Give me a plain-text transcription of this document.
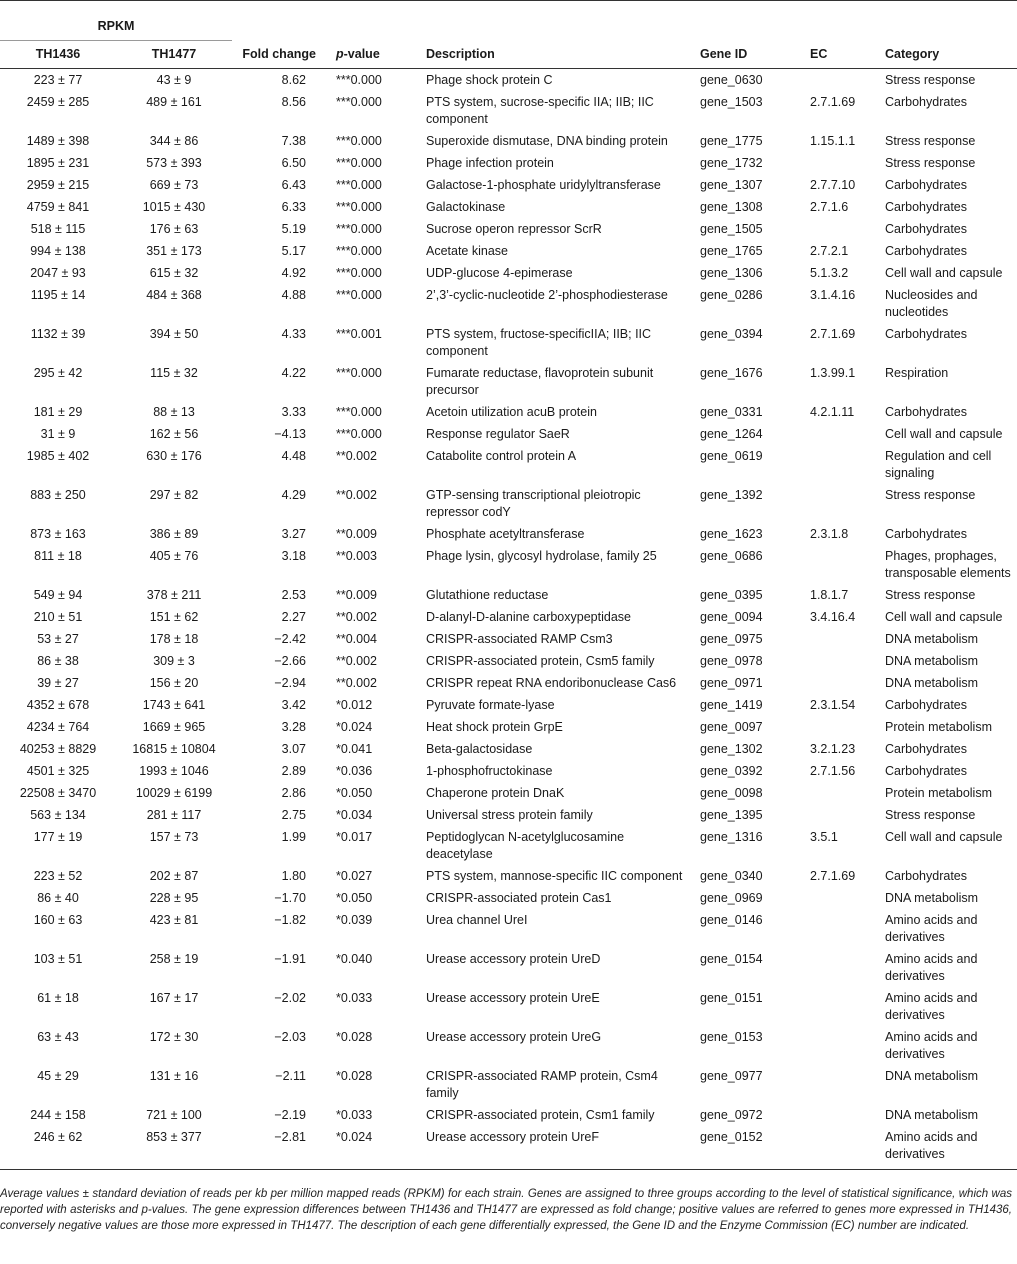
RPKM							
TH1436	TH1477	Fold change	p-value	Description	Gene ID	EC	Category
223 ± 77	43 ± 9	8.62	***0.000	Phage shock protein C	gene_0630		Stress response
2459 ± 285	489 ± 161	8.56	***0.000	PTS system, sucrose-specific IIA; IIB; IIC component	gene_1503	2.7.1.69	Carbohydrates
1489 ± 398	344 ± 86	7.38	***0.000	Superoxide dismutase, DNA binding protein	gene_1775	1.15.1.1	Stress response
1895 ± 231	573 ± 393	6.50	***0.000	Phage infection protein	gene_1732		Stress response
2959 ± 215	669 ± 73	6.43	***0.000	Galactose-1-phosphate uridylyltransferase	gene_1307	2.7.7.10	Carbohydrates
4759 ± 841	1015 ± 430	6.33	***0.000	Galactokinase	gene_1308	2.7.1.6	Carbohydrates
518 ± 115	176 ± 63	5.19	***0.000	Sucrose operon repressor ScrR	gene_1505		Carbohydrates
994 ± 138	351 ± 173	5.17	***0.000	Acetate kinase	gene_1765	2.7.2.1	Carbohydrates
2047 ± 93	615 ± 32	4.92	***0.000	UDP-glucose 4-epimerase	gene_1306	5.1.3.2	Cell wall and capsule
1195 ± 14	484 ± 368	4.88	***0.000	2’,3’-cyclic-nucleotide 2’-phosphodiesterase	gene_0286	3.1.4.16	Nucleosides and nucleotides
1132 ± 39	394 ± 50	4.33	***0.001	PTS system, fructose-specificIIA; IIB; IIC component	gene_0394	2.7.1.69	Carbohydrates
295 ± 42	115 ± 32	4.22	***0.000	Fumarate reductase, flavoprotein subunit precursor	gene_1676	1.3.99.1	Respiration
181 ± 29	88 ± 13	3.33	***0.000	Acetoin utilization acuB protein	gene_0331	4.2.1.11	Carbohydrates
31 ± 9	162 ± 56	−4.13	***0.000	Response regulator SaeR	gene_1264		Cell wall and capsule
1985 ± 402	630 ± 176	4.48	**0.002	Catabolite control protein A	gene_0619		Regulation and cell signaling
883 ± 250	297 ± 82	4.29	**0.002	GTP-sensing transcriptional pleiotropic repressor codY	gene_1392		Stress response
873 ± 163	386 ± 89	3.27	**0.009	Phosphate acetyltransferase	gene_1623	2.3.1.8	Carbohydrates
811 ± 18	405 ± 76	3.18	**0.003	Phage lysin, glycosyl hydrolase, family 25	gene_0686		Phages, prophages, transposable elements
549 ± 94	378 ± 211	2.53	**0.009	Glutathione reductase	gene_0395	1.8.1.7	Stress response
210 ± 51	151 ± 62	2.27	**0.002	D-alanyl-D-alanine carboxypeptidase	gene_0094	3.4.16.4	Cell wall and capsule
53 ± 27	178 ± 18	−2.42	**0.004	CRISPR-associated RAMP Csm3	gene_0975		DNA metabolism
86 ± 38	309 ± 3	−2.66	**0.002	CRISPR-associated protein, Csm5 family	gene_0978		DNA metabolism
39 ± 27	156 ± 20	−2.94	**0.002	CRISPR repeat RNA endoribonuclease Cas6	gene_0971		DNA metabolism
4352 ± 678	1743 ± 641	3.42	*0.012	Pyruvate formate-lyase	gene_1419	2.3.1.54	Carbohydrates
4234 ± 764	1669 ± 965	3.28	*0.024	Heat shock protein GrpE	gene_0097		Protein metabolism
40253 ± 8829	16815 ± 10804	3.07	*0.041	Beta-galactosidase	gene_1302	3.2.1.23	Carbohydrates
4501 ± 325	1993 ± 1046	2.89	*0.036	1-phosphofructokinase	gene_0392	2.7.1.56	Carbohydrates
22508 ± 3470	10029 ± 6199	2.86	*0.050	Chaperone protein DnaK	gene_0098		Protein metabolism
563 ± 134	281 ± 117	2.75	*0.034	Universal stress protein family	gene_1395		Stress response
177 ± 19	157 ± 73	1.99	*0.017	Peptidoglycan N-acetylglucosamine deacetylase	gene_1316	3.5.1	Cell wall and capsule
223 ± 52	202 ± 87	1.80	*0.027	PTS system, mannose-specific IIC component	gene_0340	2.7.1.69	Carbohydrates
86 ± 40	228 ± 95	−1.70	*0.050	CRISPR-associated protein Cas1	gene_0969		DNA metabolism
160 ± 63	423 ± 81	−1.82	*0.039	Urea channel UreI	gene_0146		Amino acids and derivatives
103 ± 51	258 ± 19	−1.91	*0.040	Urease accessory protein UreD	gene_0154		Amino acids and derivatives
61 ± 18	167 ± 17	−2.02	*0.033	Urease accessory protein UreE	gene_0151		Amino acids and derivatives
63 ± 43	172 ± 30	−2.03	*0.028	Urease accessory protein UreG	gene_0153		Amino acids and derivatives
45 ± 29	131 ± 16	−2.11	*0.028	CRISPR-associated RAMP protein, Csm4 family	gene_0977		DNA metabolism
244 ± 158	721 ± 100	−2.19	*0.033	CRISPR-associated protein, Csm1 family	gene_0972		DNA metabolism
246 ± 62	853 ± 377	−2.81	*0.024	Urease accessory protein UreF	gene_0152		Amino acids and derivatives
Average values ± standard deviation of reads per kb per million mapped reads (RPKM) for each strain. Genes are assigned to three groups according to the level of statistical significance, which was reported with asterisks and p-values. The gene expression differences between TH1436 and TH1477 are expressed as fold change; positive values are referred to genes more expressed in TH1436, conversely negative values are those more expressed in TH1477. The description of each gene differentially expressed, the Gene ID and the Enzyme Commission (EC) number are indicated.
